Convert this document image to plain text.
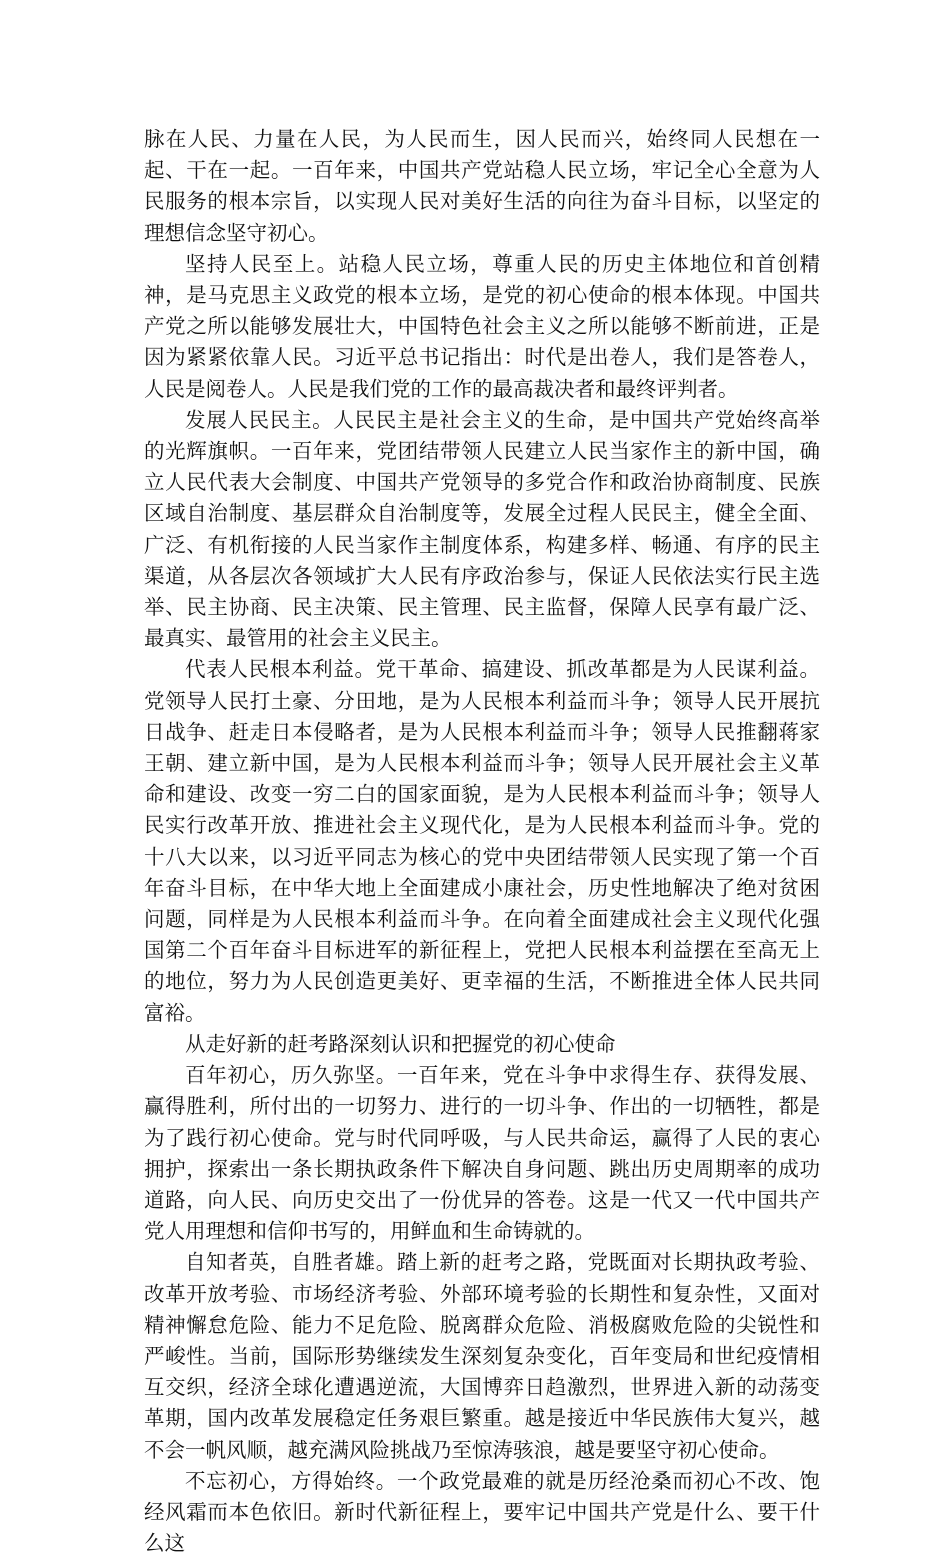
脉在人民、力量在人民，为人民而生，因人民而兴，始终同人民想在一起、干在一起。一百年来，中国共产党站稳人民立场，牢记全心全意为人民服务的根本宗旨，以实现人民对美好生活的向往为奋斗目标，以坚定的理想信念坚守初心。

坚持人民至上。站稳人民立场，尊重人民的历史主体地位和首创精神，是马克思主义政党的根本立场，是党的初心使命的根本体现。中国共产党之所以能够发展壮大，中国特色社会主义之所以能够不断前进，正是因为紧紧依靠人民。习近平总书记指出：时代是出卷人，我们是答卷人，人民是阅卷人。人民是我们党的工作的最高裁决者和最终评判者。

发展人民民主。人民民主是社会主义的生命，是中国共产党始终高举的光辉旗帜。一百年来，党团结带领人民建立人民当家作主的新中国，确立人民代表大会制度、中国共产党领导的多党合作和政治协商制度、民族区域自治制度、基层群众自治制度等，发展全过程人民民主，健全全面、广泛、有机衔接的人民当家作主制度体系，构建多样、畅通、有序的民主渠道，从各层次各领域扩大人民有序政治参与，保证人民依法实行民主选举、民主协商、民主决策、民主管理、民主监督，保障人民享有最广泛、最真实、最管用的社会主义民主。

代表人民根本利益。党干革命、搞建设、抓改革都是为人民谋利益。党领导人民打土豪、分田地，是为人民根本利益而斗争；领导人民开展抗日战争、赶走日本侵略者，是为人民根本利益而斗争；领导人民推翻蒋家王朝、建立新中国，是为人民根本利益而斗争；领导人民开展社会主义革命和建设、改变一穷二白的国家面貌，是为人民根本利益而斗争；领导人民实行改革开放、推进社会主义现代化，是为人民根本利益而斗争。党的十八大以来，以习近平同志为核心的党中央团结带领人民实现了第一个百年奋斗目标，在中华大地上全面建成小康社会，历史性地解决了绝对贫困问题，同样是为人民根本利益而斗争。在向着全面建成社会主义现代化强国第二个百年奋斗目标进军的新征程上，党把人民根本利益摆在至高无上的地位，努力为人民创造更美好、更幸福的生活，不断推进全体人民共同富裕。

从走好新的赶考路深刻认识和把握党的初心使命

百年初心，历久弥坚。一百年来，党在斗争中求得生存、获得发展、赢得胜利，所付出的一切努力、进行的一切斗争、作出的一切牺牲，都是为了践行初心使命。党与时代同呼吸，与人民共命运，赢得了人民的衷心拥护，探索出一条长期执政条件下解决自身问题、跳出历史周期率的成功道路，向人民、向历史交出了一份优异的答卷。这是一代又一代中国共产党人用理想和信仰书写的，用鲜血和生命铸就的。

自知者英，自胜者雄。踏上新的赶考之路，党既面对长期执政考验、改革开放考验、市场经济考验、外部环境考验的长期性和复杂性，又面对精神懈怠危险、能力不足危险、脱离群众危险、消极腐败危险的尖锐性和严峻性。当前，国际形势继续发生深刻复杂变化，百年变局和世纪疫情相互交织，经济全球化遭遇逆流，大国博弈日趋激烈，世界进入新的动荡变革期，国内改革发展稳定任务艰巨繁重。越是接近中华民族伟大复兴，越不会一帆风顺，越充满风险挑战乃至惊涛骇浪，越是要坚守初心使命。

不忘初心，方得始终。一个政党最难的就是历经沧桑而初心不改、饱经风霜而本色依旧。新时代新征程上，要牢记中国共产党是什么、要干什么这
